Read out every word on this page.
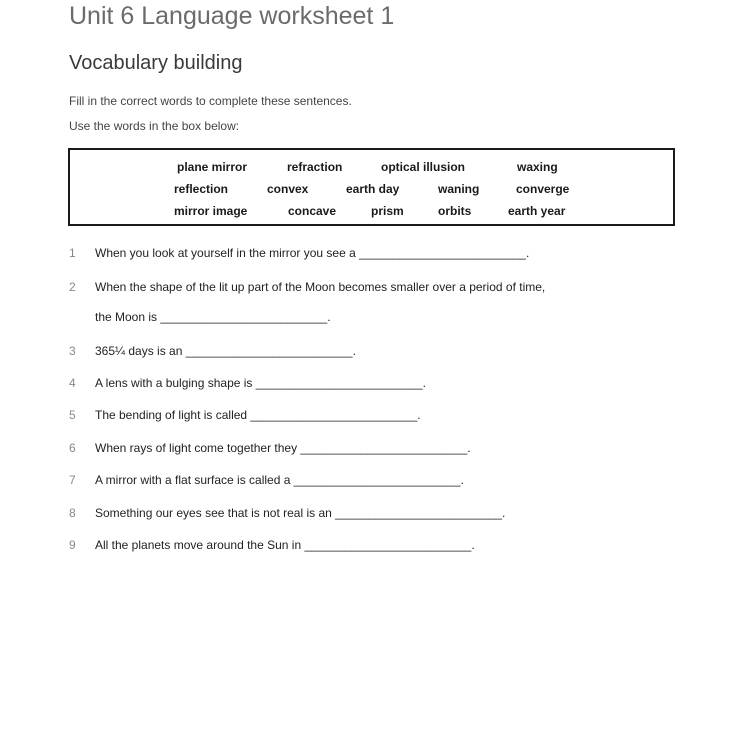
Unit 6 Language worksheet 1
Vocabulary building
Fill in the correct words to complete these sentences.
Use the words in the box below:
plane mirror	refraction	optical illusion	waxing
reflection	convex	earth day	waning	converge
mirror image	concave	prism	orbits	earth year
1 When you look at yourself in the mirror you see a _________________________.
2 When the shape of the lit up part of the Moon becomes smaller over a period of time,
the Moon is _________________________.
3 365¼ days is an _________________________.
4 A lens with a bulging shape is _________________________.
5 The bending of light is called _________________________.
6 When rays of light come together they _________________________.
7 A mirror with a flat surface is called a _________________________.
8 Something our eyes see that is not real is an _________________________.
9 All the planets move around the Sun in _________________________.
